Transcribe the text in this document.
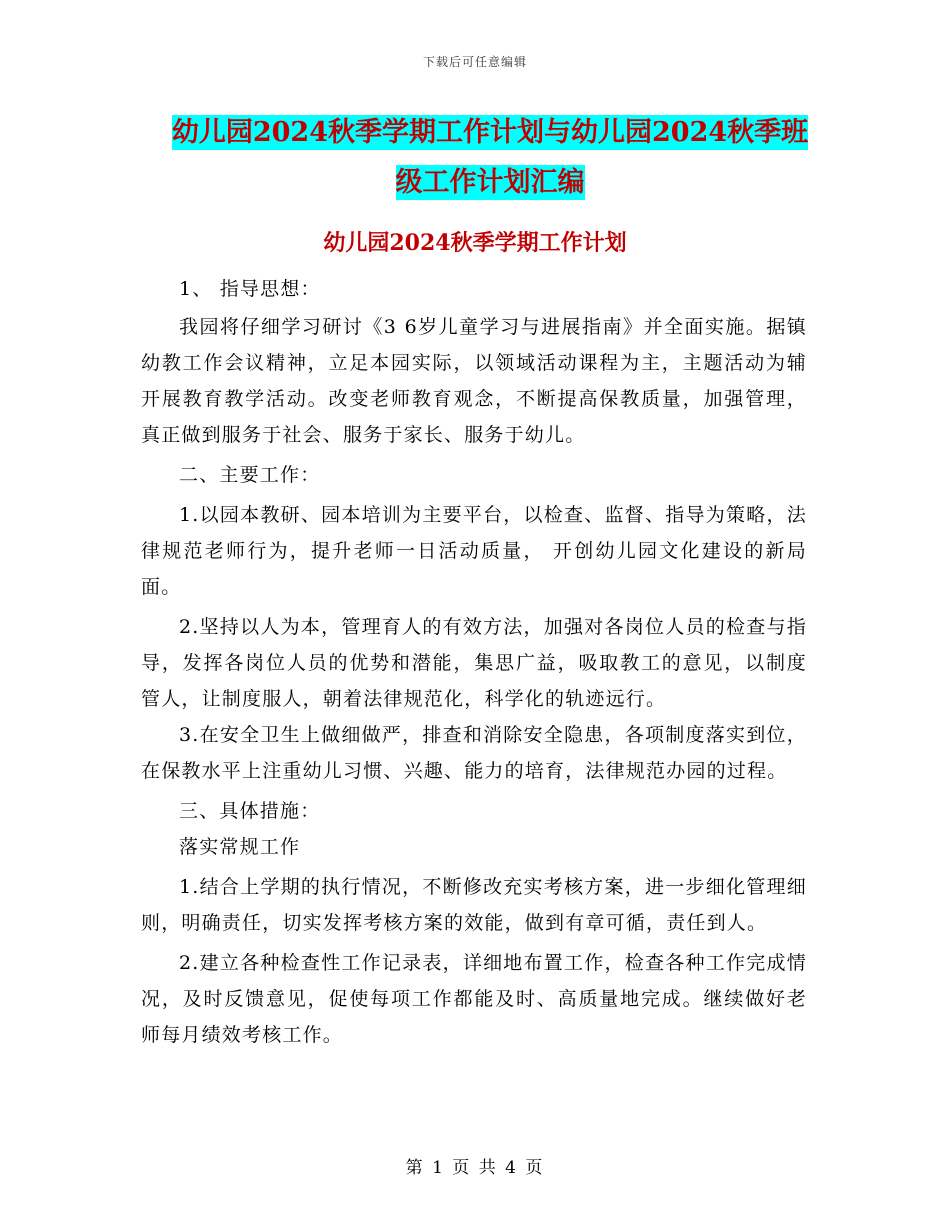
下载后可任意编辑
幼儿园2024秋季学期工作计划与幼儿园2024秋季班
级工作计划汇编
幼儿园2024秋季学期工作计划

1、 指导思想：

我园将仔细学习研讨《3 6岁儿童学习与进展指南》并全面实施。据镇幼教工作会议精神，立足本园实际，以领域活动课程为主，主题活动为辅开展教育教学活动。改变老师教育观念，不断提高保教质量，加强管理，真正做到服务于社会、服务于家长、服务于幼儿。

二、主要工作：

1.以园本教研、园本培训为主要平台，以检查、监督、指导为策略，法律规范老师行为，提升老师一日活动质量， 开创幼儿园文化建设的新局面。

2.坚持以人为本，管理育人的有效方法，加强对各岗位人员的检查与指导，发挥各岗位人员的优势和潜能，集思广益，吸取教工的意见，以制度管人，让制度服人，朝着法律规范化，科学化的轨迹远行。

3.在安全卫生上做细做严，排查和消除安全隐患，各项制度落实到位，在保教水平上注重幼儿习惯、兴趣、能力的培育，法律规范办园的过程。

三、具体措施：

落实常规工作

1.结合上学期的执行情况，不断修改充实考核方案，进一步细化管理细则，明确责任，切实发挥考核方案的效能，做到有章可循，责任到人。

2.建立各种检查性工作记录表，详细地布置工作，检查各种工作完成情况，及时反馈意见，促使每项工作都能及时、高质量地完成。继续做好老师每月绩效考核工作。

第 1 页 共 4 页
